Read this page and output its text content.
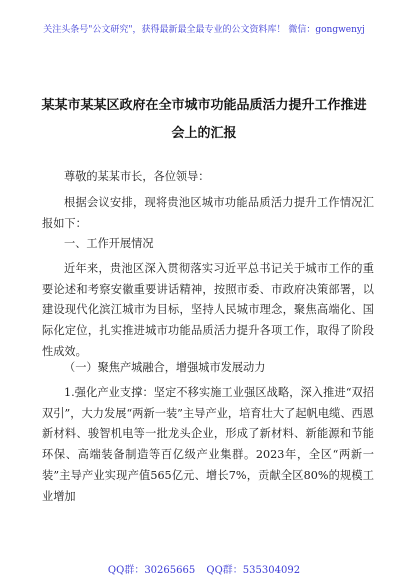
关注头条号"公文研究"，获得最新最全最专业的公文资料库！ 微信：gongwenyj
某某市某某区政府在全市城市功能品质活力提升工作推进
会上的汇报
尊敬的某某市长，各位领导：
根据会议安排，现将贵池区城市功能品质活力提升工作情况汇报如下：
一、工作开展情况
近年来，贵池区深入贯彻落实习近平总书记关于城市工作的重要论述和考察安徽重要讲话精神，按照市委、市政府决策部署，以建设现代化滨江城市为目标，坚持人民城市理念，聚焦高端化、国际化定位，扎实推进城市功能品质活力提升各项工作，取得了阶段性成效。
（一）聚焦产城融合，增强城市发展动力
1.强化产业支撑：坚定不移实施工业强区战略，深入推进“双招双引”，大力发展“两新一装”主导产业，培育壮大了起帆电缆、西恩新材料、骏智机电等一批龙头企业，形成了新材料、新能源和节能环保、高端装备制造等百亿级产业集群。2023年，全区“两新一装”主导产业实现产值565亿元、增长7%，贡献全区80%的规模工业增加
QQ群：30265665 QQ群：535304092
